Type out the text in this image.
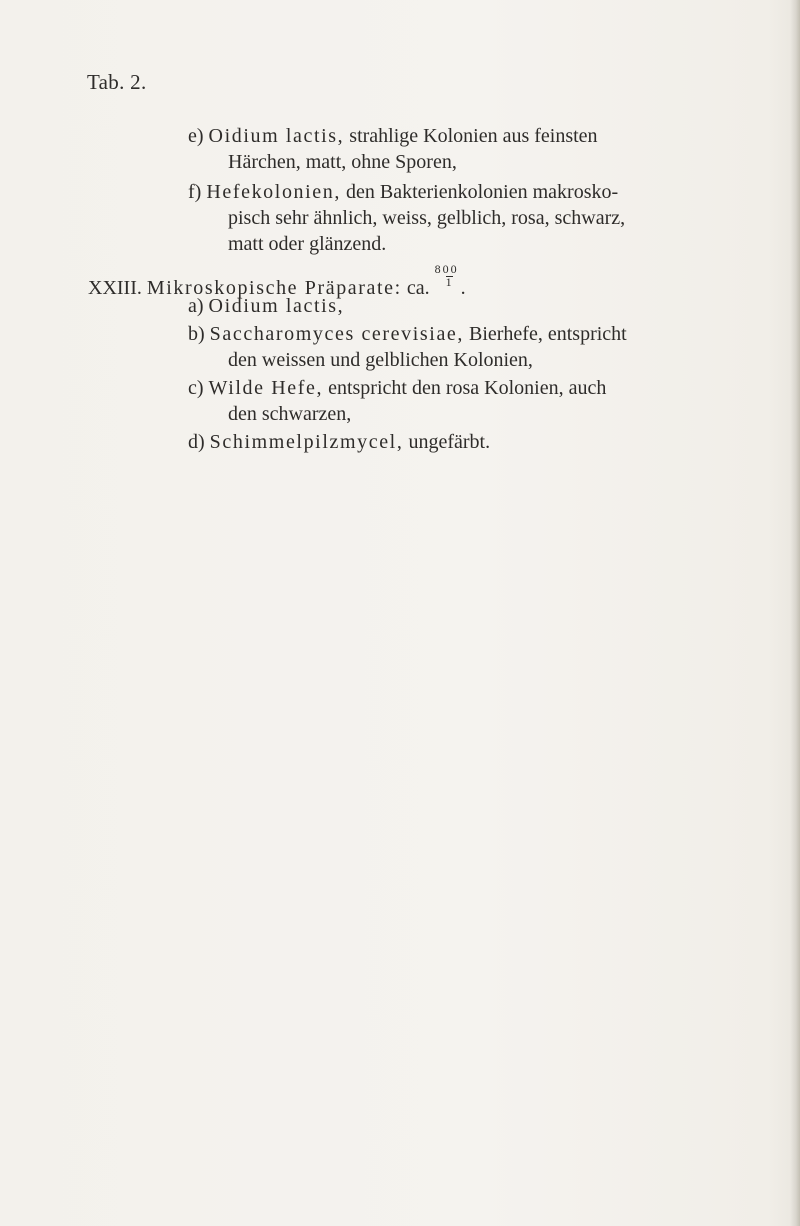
Tab. 2.
e) Oidium lactis, strahlige Kolonien aus feinsten
Härchen, matt, ohne Sporen,
f) Hefekolonien, den Bakterienkolonien makrosko-
pisch sehr ähnlich, weiss, gelblich, rosa, schwarz,
matt oder glänzend.
XXIII. Mikroskopische Präparate: ca.
$\frac{800}{1}$
.
a) Oidium lactis,
b) Saccharomyces cerevisiae, Bierhefe, entspricht
den weissen und gelblichen Kolonien,
c) Wilde Hefe, entspricht den rosa Kolonien, auch
den schwarzen,
d) Schimmelpilzmycel, ungefärbt.
